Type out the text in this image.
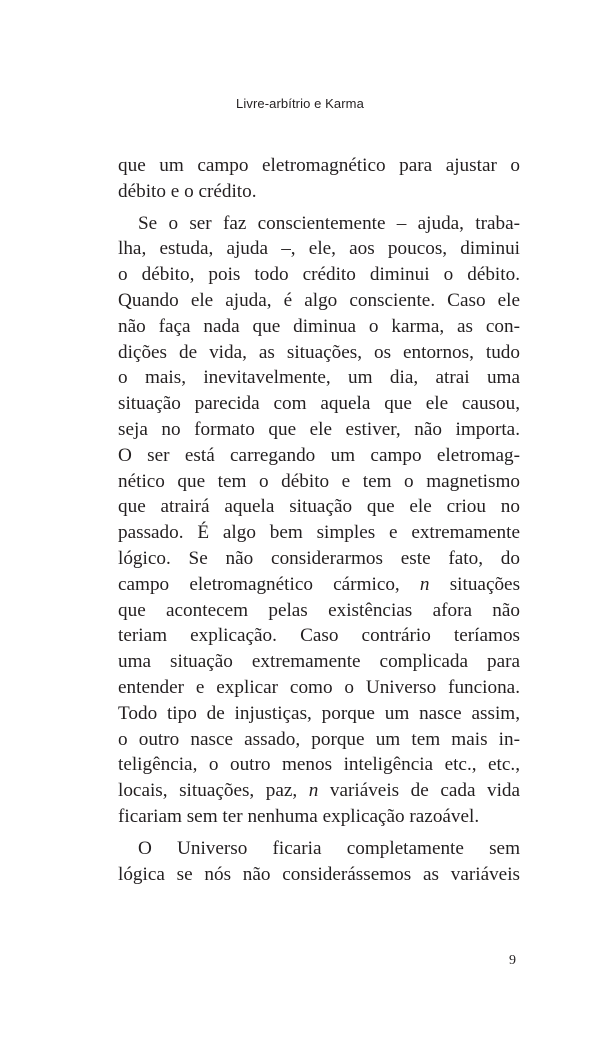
Livre-arbítrio e Karma
que um campo eletromagnético para ajustar o
débito e o crédito.
Se o ser faz conscientemente – ajuda, traba-
lha, estuda, ajuda –, ele, aos poucos, diminui
o débito, pois todo crédito diminui o débito.
Quando ele ajuda, é algo consciente. Caso ele
não faça nada que diminua o karma, as con-
dições de vida, as situações, os entornos, tudo
o mais, inevitavelmente, um dia, atrai uma
situação parecida com aquela que ele causou,
seja no formato que ele estiver, não importa.
O ser está carregando um campo eletromag-
nético que tem o débito e tem o magnetismo
que atrairá aquela situação que ele criou no
passado. É algo bem simples e extremamente
lógico. Se não considerarmos este fato, do
campo eletromagnético cármico, n situações
que acontecem pelas existências afora não
teriam explicação. Caso contrário teríamos
uma situação extremamente complicada para
entender e explicar como o Universo funciona.
Todo tipo de injustiças, porque um nasce assim,
o outro nasce assado, porque um tem mais in-
teligência, o outro menos inteligência etc., etc.,
locais, situações, paz, n variáveis de cada vida
ficariam sem ter nenhuma explicação razoável.
O Universo ficaria completamente sem
lógica se nós não considerássemos as variáveis
9
